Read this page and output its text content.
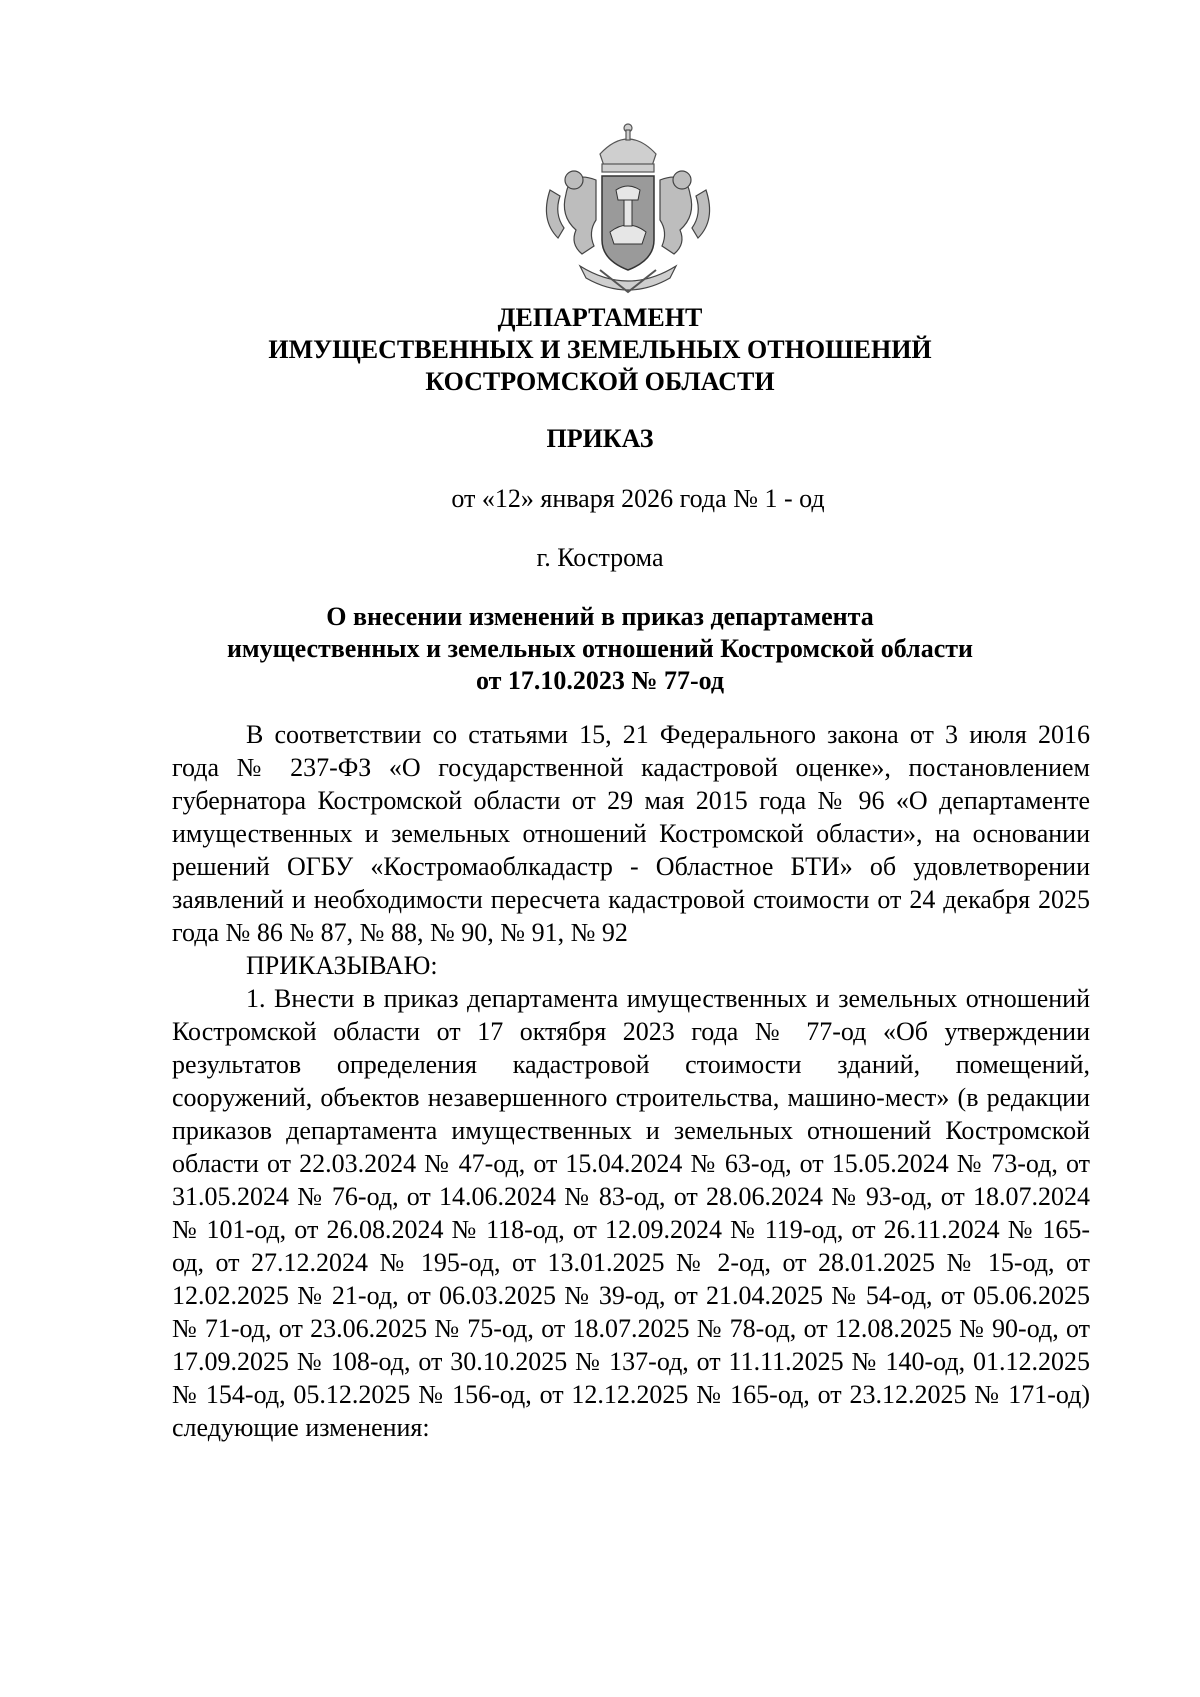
ДЕПАРТАМЕНТ
ИМУЩЕСТВЕННЫХ И ЗЕМЕЛЬНЫХ ОТНОШЕНИЙ
КОСТРОМСКОЙ ОБЛАСТИ
ПРИКАЗ
от «12» января 2026 года № 1 - од
г. Кострома
О внесении изменений в приказ департамента
имущественных и земельных отношений Костромской области
от 17.10.2023 № 77-од

В соответствии со статьями 15, 21 Федерального закона от 3 июля 2016 года № 237-ФЗ «О государственной кадастровой оценке», постановлением губернатора Костромской области от 29 мая 2015 года № 96 «О департаменте имущественных и земельных отношений Костромской области», на основании решений ОГБУ «Костромаоблкадастр - Областное БТИ» об удовлетворении заявлений и необходимости пересчета кадастровой стоимости от 24 декабря 2025 года № 86 № 87, № 88, № 90, № 91, № 92

ПРИКАЗЫВАЮ:

1. Внести в приказ департамента имущественных и земельных отношений Костромской области от 17 октября 2023 года № 77-од «Об утверждении результатов определения кадастровой стоимости зданий, помещений, сооружений, объектов незавершенного строительства, машино-мест» (в редакции приказов департамента имущественных и земельных отношений Костромской области от 22.03.2024 № 47-од, от 15.04.2024 № 63-од, от 15.05.2024 № 73-од, от 31.05.2024 № 76-од, от 14.06.2024 № 83-од, от 28.06.2024 № 93-од, от 18.07.2024 № 101-од, от 26.08.2024 № 118-од, от 12.09.2024 № 119-од, от 26.11.2024 № 165-од, от 27.12.2024 № 195-од, от 13.01.2025 № 2-од, от 28.01.2025 № 15-од, от 12.02.2025 № 21-од, от 06.03.2025 № 39-од, от 21.04.2025 № 54-од, от 05.06.2025 № 71-од, от 23.06.2025 № 75-од, от 18.07.2025 № 78-од, от 12.08.2025 № 90-од, от 17.09.2025 № 108-од, от 30.10.2025 № 137-од, от 11.11.2025 № 140-од, 01.12.2025 № 154-од, 05.12.2025 № 156-од, от 12.12.2025 № 165-од, от 23.12.2025 № 171-од) следующие изменения:
